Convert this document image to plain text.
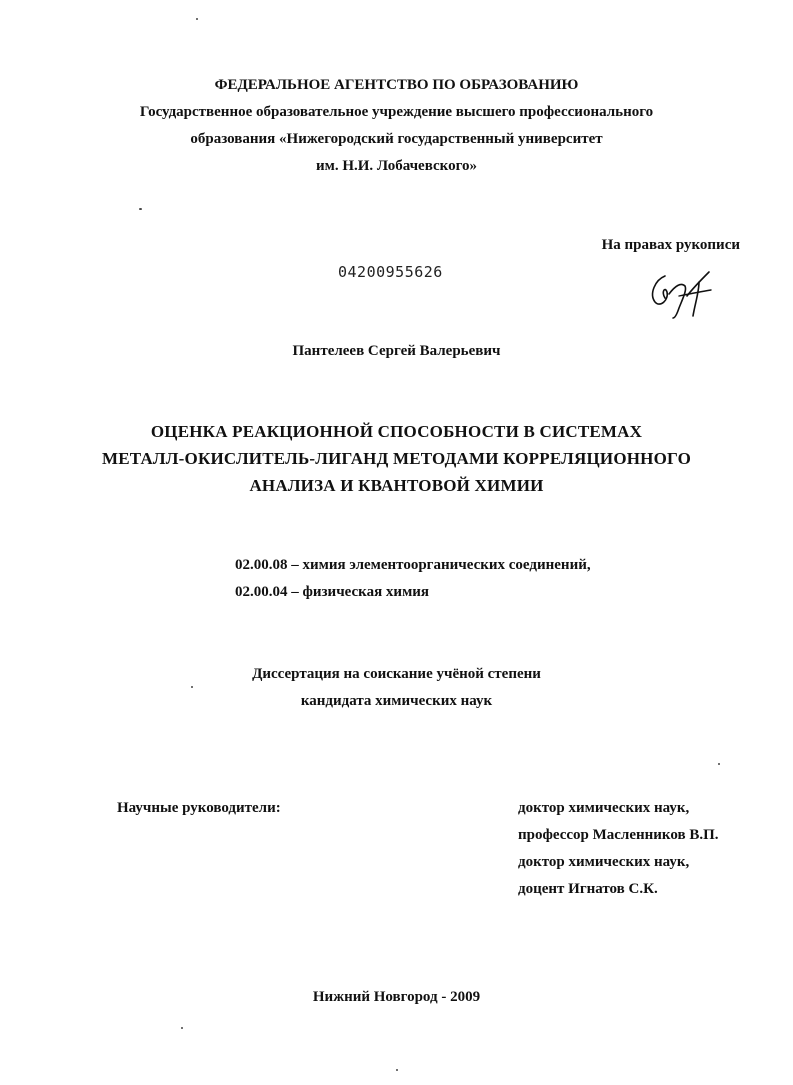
ФЕДЕРАЛЬНОЕ АГЕНТСТВО ПО ОБРАЗОВАНИЮ
Государственное образовательное учреждение высшего профессионального
образования «Нижегородский государственный университет
им. Н.И. Лобачевского»
На правах рукописи
04200955626
Пантелеев Сергей Валерьевич
ОЦЕНКА РЕАКЦИОННОЙ СПОСОБНОСТИ В СИСТЕМАХ
МЕТАЛЛ-ОКИСЛИТЕЛЬ-ЛИГАНД МЕТОДАМИ КОРРЕЛЯЦИОННОГО
АНАЛИЗА И КВАНТОВОЙ ХИМИИ
02.00.08 – химия элементоорганических соединений,
02.00.04 – физическая химия
Диссертация на соискание учёной степени
кандидата химических наук
Научные руководители:	доктор химических наук,
профессор Масленников В.П.
доктор химических наук,
доцент Игнатов С.К.
Нижний Новгород - 2009
